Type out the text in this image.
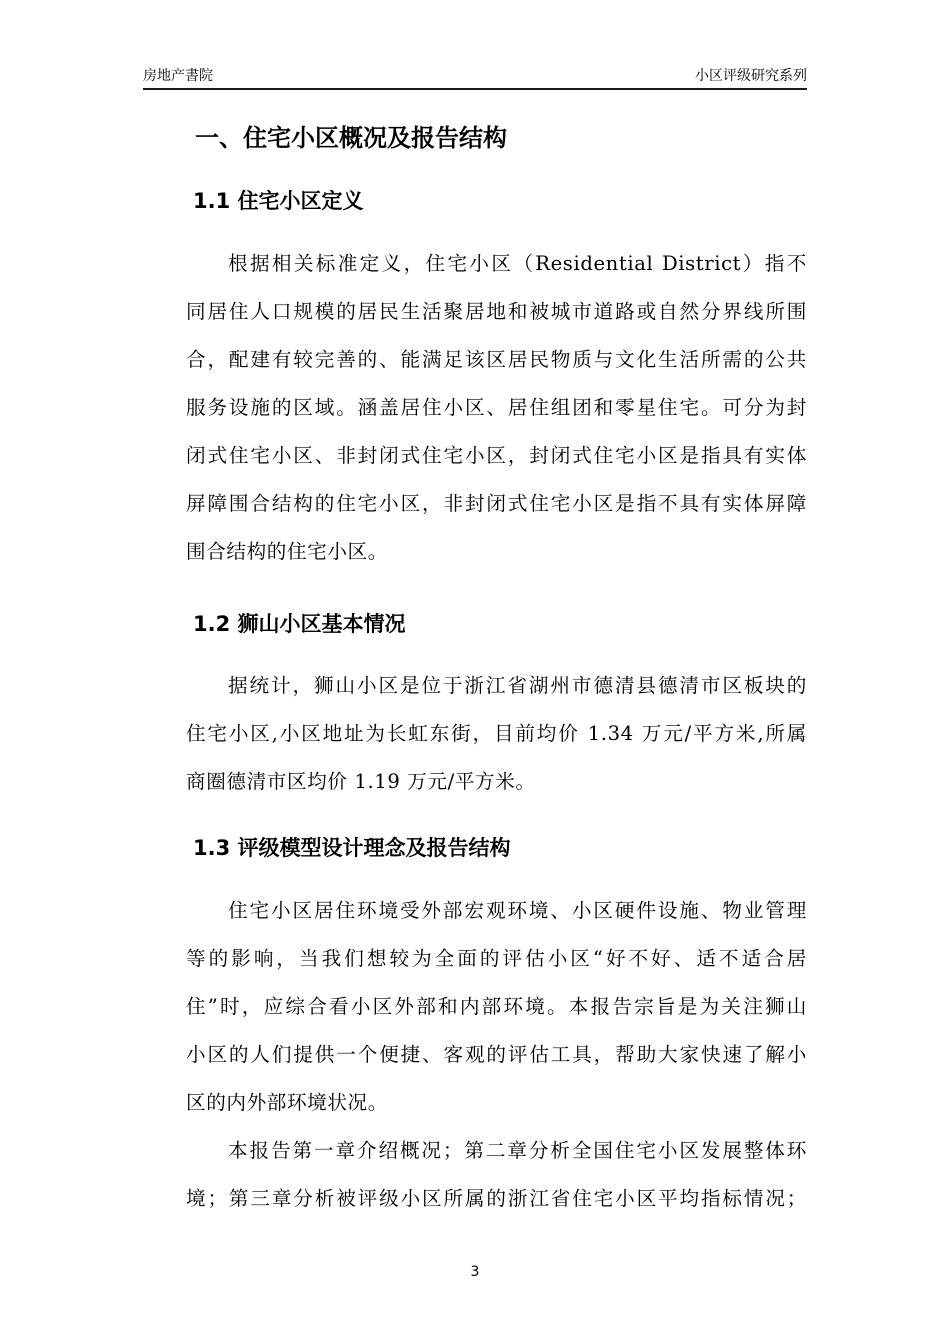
房地产書院	小区评级研究系列
一、住宅小区概况及报告结构
1.1 住宅小区定义
根据相关标准定义，住宅小区（Residential District）指不
同居住人口规模的居民生活聚居地和被城市道路或自然分界线所围
合，配建有较完善的、能满足该区居民物质与文化生活所需的公共
服务设施的区域。涵盖居住小区、居住组团和零星住宅。可分为封
闭式住宅小区、非封闭式住宅小区，封闭式住宅小区是指具有实体
屏障围合结构的住宅小区，非封闭式住宅小区是指不具有实体屏障
围合结构的住宅小区。
1.2 狮山小区基本情况
据统计，狮山小区是位于浙江省湖州市德清县德清市区板块的
住宅小区,小区地址为长虹东街，目前均价 1.34 万元/平方米,所属
商圈德清市区均价 1.19 万元/平方米。
1.3 评级模型设计理念及报告结构
住宅小区居住环境受外部宏观环境、小区硬件设施、物业管理
等的影响，当我们想较为全面的评估小区“好不好、适不适合居
住”时，应综合看小区外部和内部环境。本报告宗旨是为关注狮山
小区的人们提供一个便捷、客观的评估工具，帮助大家快速了解小
区的内外部环境状况。
本报告第一章介绍概况；第二章分析全国住宅小区发展整体环
境；第三章分析被评级小区所属的浙江省住宅小区平均指标情况；
3
